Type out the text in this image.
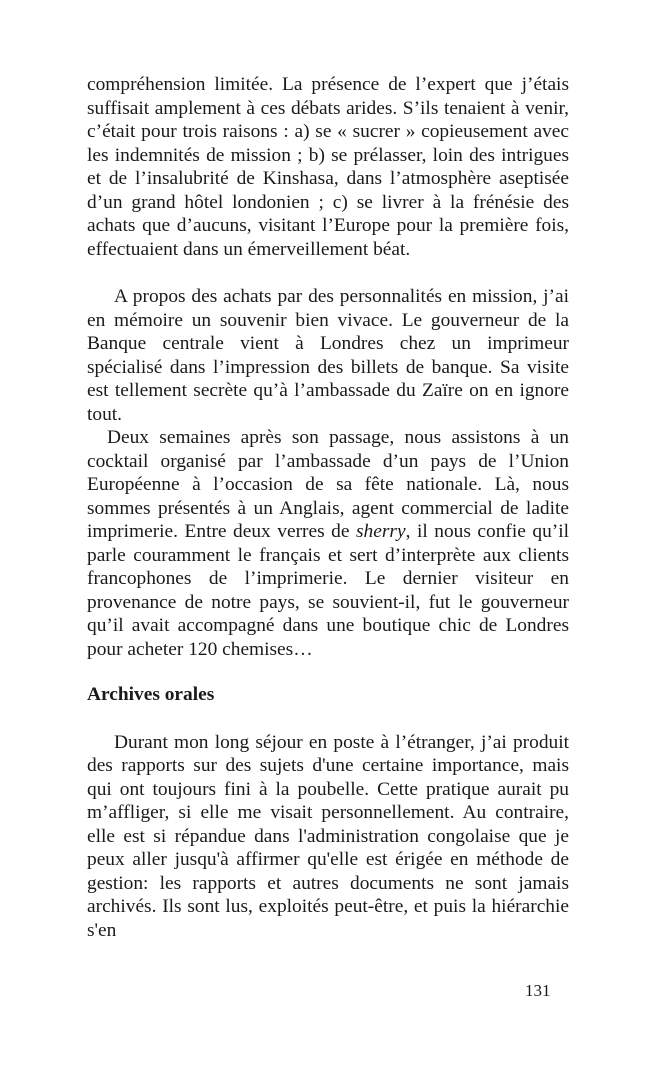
compréhension limitée. La présence de l’expert que j’étais suffisait amplement à ces débats arides. S’ils tenaient à venir, c’était pour trois raisons : a) se « sucrer » copieusement avec les indemnités de mission ; b) se prélasser, loin des intrigues et de l’insalubrité de Kinshasa, dans l’atmosphère aseptisée d’un grand hôtel londonien ; c) se livrer à la frénésie des achats que d’aucuns, visitant l’Europe pour la première fois, effectuaient dans un émerveillement béat.

A propos des achats par des personnalités en mission, j’ai en mémoire un souvenir bien vivace. Le gouverneur de la Banque centrale vient à Londres chez un imprimeur spécialisé dans l’impression des billets de banque. Sa visite est tellement secrète qu’à l’ambassade du Zaïre on en ignore tout.

Deux semaines après son passage, nous assistons à un cocktail organisé par l’ambassade d’un pays de l’Union Européenne à l’occasion de sa fête nationale. Là, nous sommes présentés à un Anglais, agent commercial de ladite imprimerie. Entre deux verres de sherry, il nous confie qu’il parle couramment le français et sert d’interprète aux clients francophones de l’imprimerie. Le dernier visiteur en provenance de notre pays, se souvient-il, fut le gouverneur qu’il avait accompagné dans une boutique chic de Londres pour acheter 120 chemises…

Archives orales

Durant mon long séjour en poste à l’étranger, j’ai produit des rapports sur des sujets d'une certaine importance, mais qui ont toujours fini à la poubelle. Cette pratique aurait pu m’affliger, si elle me visait personnellement. Au contraire, elle est si répandue dans l'administration congolaise que je peux aller jusqu'à affirmer qu'elle est érigée en méthode de gestion: les rapports et autres documents ne sont jamais archivés. Ils sont lus, exploités peut-être, et puis la hiérarchie s'en

131
